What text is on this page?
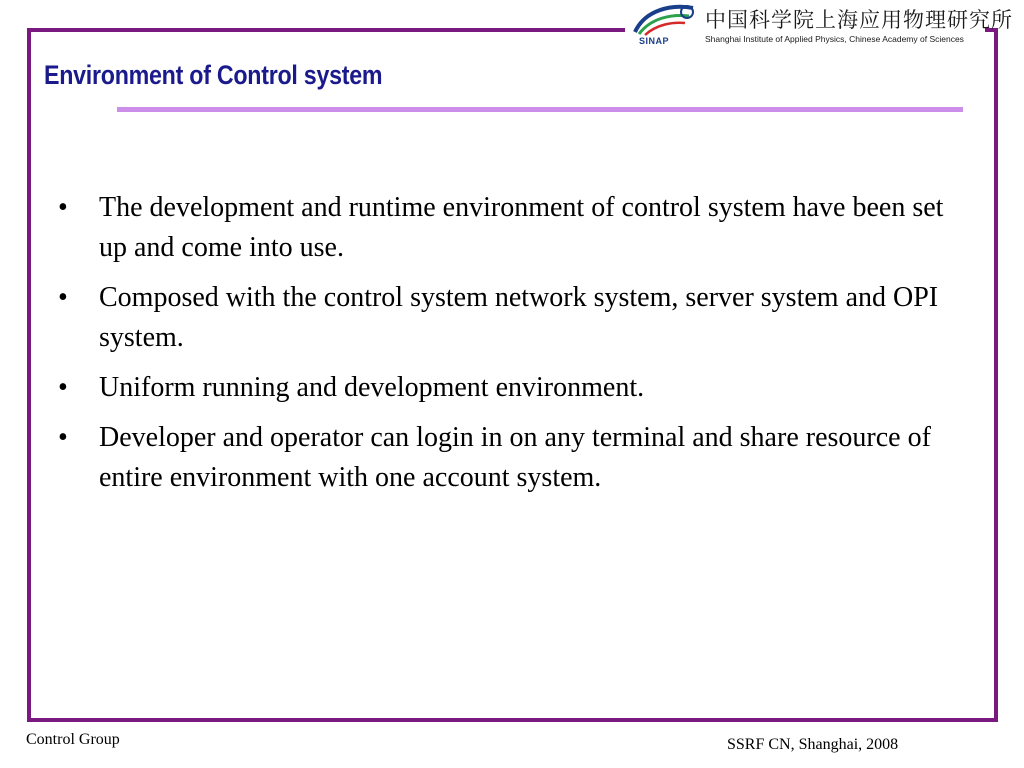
SINAP
中国科学院上海应用物理研究所
Shanghai Institute of Applied Physics, Chinese Academy of Sciences
Environment of Control system
• The development and runtime environment of control system have been set up and come into use.
• Composed with the control system network system, server system and OPI system.
• Uniform running and development environment.
• Developer and operator can login in on any terminal and share resource of entire environment with one account system.
Control Group	SSRF CN, Shanghai, 2008
